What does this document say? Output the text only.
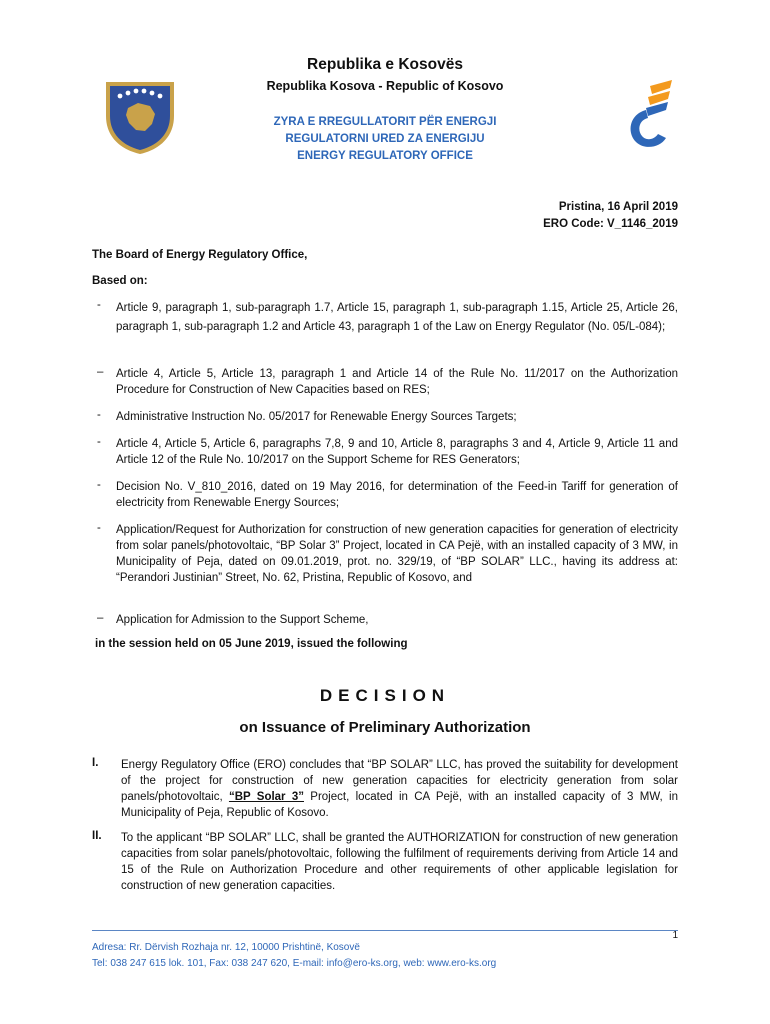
Republika e Kosovës
Republika Kosova - Republic of Kosovo
ZYRA E RREGULLATORIT PËR ENERGJI
REGULATORNI URED ZA ENERGIJU
ENERGY REGULATORY OFFICE
Pristina, 16 April 2019
ERO Code: V_1146_2019
The Board of Energy Regulatory Office,
Based on:
- Article 9, paragraph 1, sub-paragraph 1.7, Article 15, paragraph 1, sub-paragraph 1.15, Article 25, Article 26, paragraph 1, sub-paragraph 1.2 and Article 43, paragraph 1 of the Law on Energy Regulator (No. 05/L-084);
– Article 4, Article 5, Article 13, paragraph 1 and Article 14 of the Rule No. 11/2017 on the Authorization Procedure for Construction of New Capacities based on RES;
- Administrative Instruction No. 05/2017 for Renewable Energy Sources Targets;
- Article 4, Article 5, Article 6, paragraphs 7,8, 9 and 10, Article 8, paragraphs 3 and 4, Article 9, Article 11 and Article 12 of the Rule No. 10/2017 on the Support Scheme for RES Generators;
- Decision No. V_810_2016, dated on 19 May 2016, for determination of the Feed-in Tariff for generation of electricity from Renewable Energy Sources;
- Application/Request for Authorization for construction of new generation capacities for generation of electricity from solar panels/photovoltaic, “BP Solar 3” Project, located in CA Pejë, with an installed capacity of 3 MW, in Municipality of Peja, dated on 09.01.2019, prot. no. 329/19, of “BP SOLAR” LLC., having its address at: “Perandori Justinian” Street, No. 62, Pristina, Republic of Kosovo, and
– Application for Admission to the Support Scheme,
in the session held on 05 June 2019, issued the following
DECISION
on Issuance of Preliminary Authorization
I. Energy Regulatory Office (ERO) concludes that “BP SOLAR” LLC, has proved the suitability for development of the project for construction of new generation capacities for electricity generation from solar panels/photovoltaic, “BP Solar 3” Project, located in CA Pejë, with an installed capacity of 3 MW, in Municipality of Peja, Republic of Kosovo.
II. To the applicant “BP SOLAR” LLC, shall be granted the AUTHORIZATION for construction of new generation capacities from solar panels/photovoltaic, following the fulfilment of requirements deriving from Article 14 and 15 of the Rule on Authorization Procedure and other requirements of other applicable legislation for construction of new generation capacities.
1
Adresa: Rr. Dërvish Rozhaja nr. 12, 10000 Prishtinë, Kosovë
Tel: 038 247 615 lok. 101, Fax: 038 247 620, E-mail: info@ero-ks.org, web: www.ero-ks.org
